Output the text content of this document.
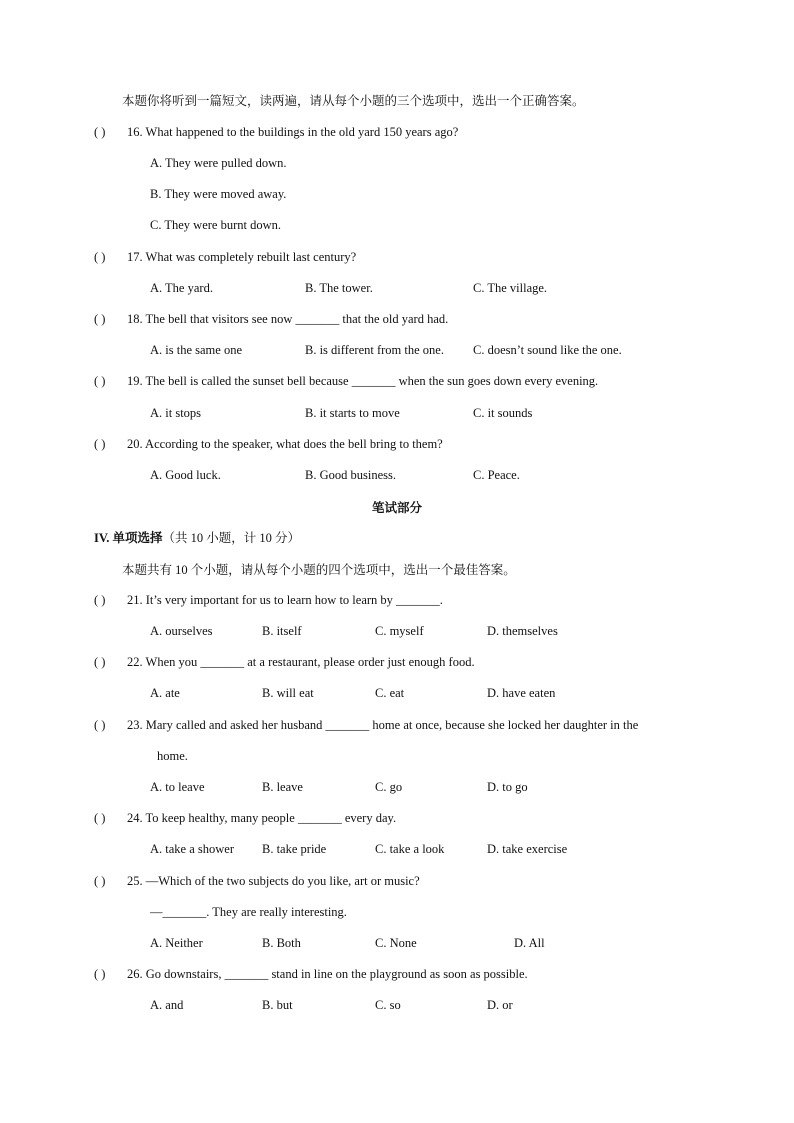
本题你将听到一篇短文，读两遍，请从每个小题的三个选项中，选出一个正确答案。
( ) 16. What happened to the buildings in the old yard 150 years ago?
A. They were pulled down.
B. They were moved away.
C. They were burnt down.
( ) 17. What was completely rebuilt last century?
A. The yard.	B. The tower.	C. The village.
( ) 18. The bell that visitors see now _______ that the old yard had.
A. is the same one	B. is different from the one. C. doesn’t sound like the one.
( ) 19. The bell is called the sunset bell because _______ when the sun goes down every evening.
A. it stops	B. it starts to move	C. it sounds
( ) 20. According to the speaker, what does the bell bring to them?
A. Good luck.	B. Good business.	C. Peace.
笔试部分
IV. 单项选择（共 10 小题，计 10 分）
本题共有 10 个小题，请从每个小题的四个选项中，选出一个最佳答案。
( ) 21. It’s very important for us to learn how to learn by _______.
A. ourselves	B. itself	C. myself	D. themselves
( ) 22. When you _______ at a restaurant, please order just enough food.
A. ate	B. will eat	C. eat	D. have eaten
( ) 23. Mary called and asked her husband _______ home at once, because she locked her daughter in the
home.
A. to leave	B. leave	C. go	D. to go
( ) 24. To keep healthy, many people _______ every day.
A. take a shower B. take pride	C. take a look	D. take exercise
( ) 25. —Which of the two subjects do you like, art or music?
—_______. They are really interesting.
A. Neither	B. Both	C. None	D. All
( ) 26. Go downstairs, _______ stand in line on the playground as soon as possible.
A. and	B. but	C. so	D. or
